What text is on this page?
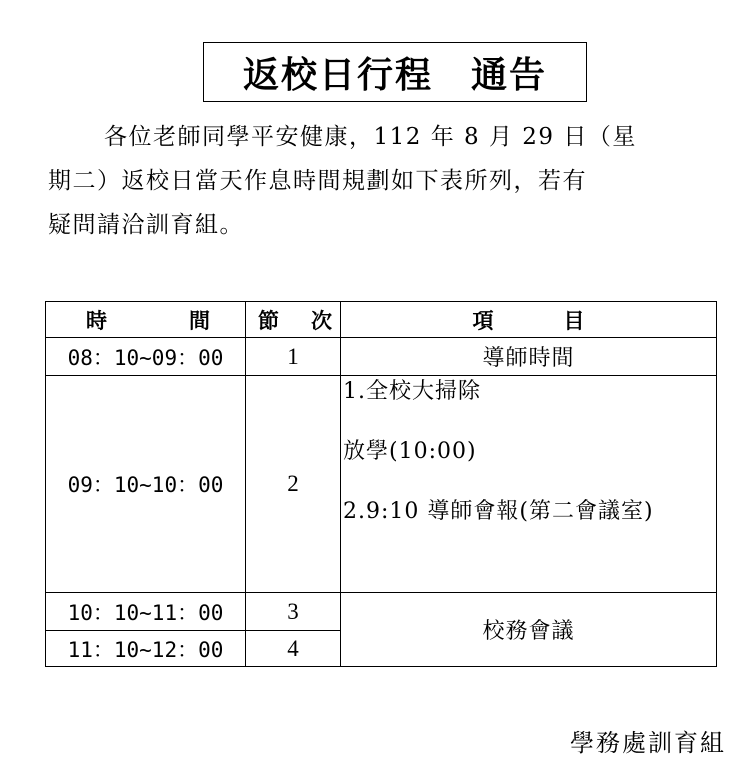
返校日行程　通告
各位老師同學平安健康，112 年 8 月 29 日（星
期二）返校日當天作息時間規劃如下表所列，若有
疑問請洽訓育組。
時 間	節 次	項 目

08：10~09：00	1	導師時間
09：10~10：00	2	1.全校大掃除
放學(10:00)
2.9:10 導師會報(第二會議室)

10：10~11：00	3	校務會議
11：10~12：00	4	
學務處訓育組
